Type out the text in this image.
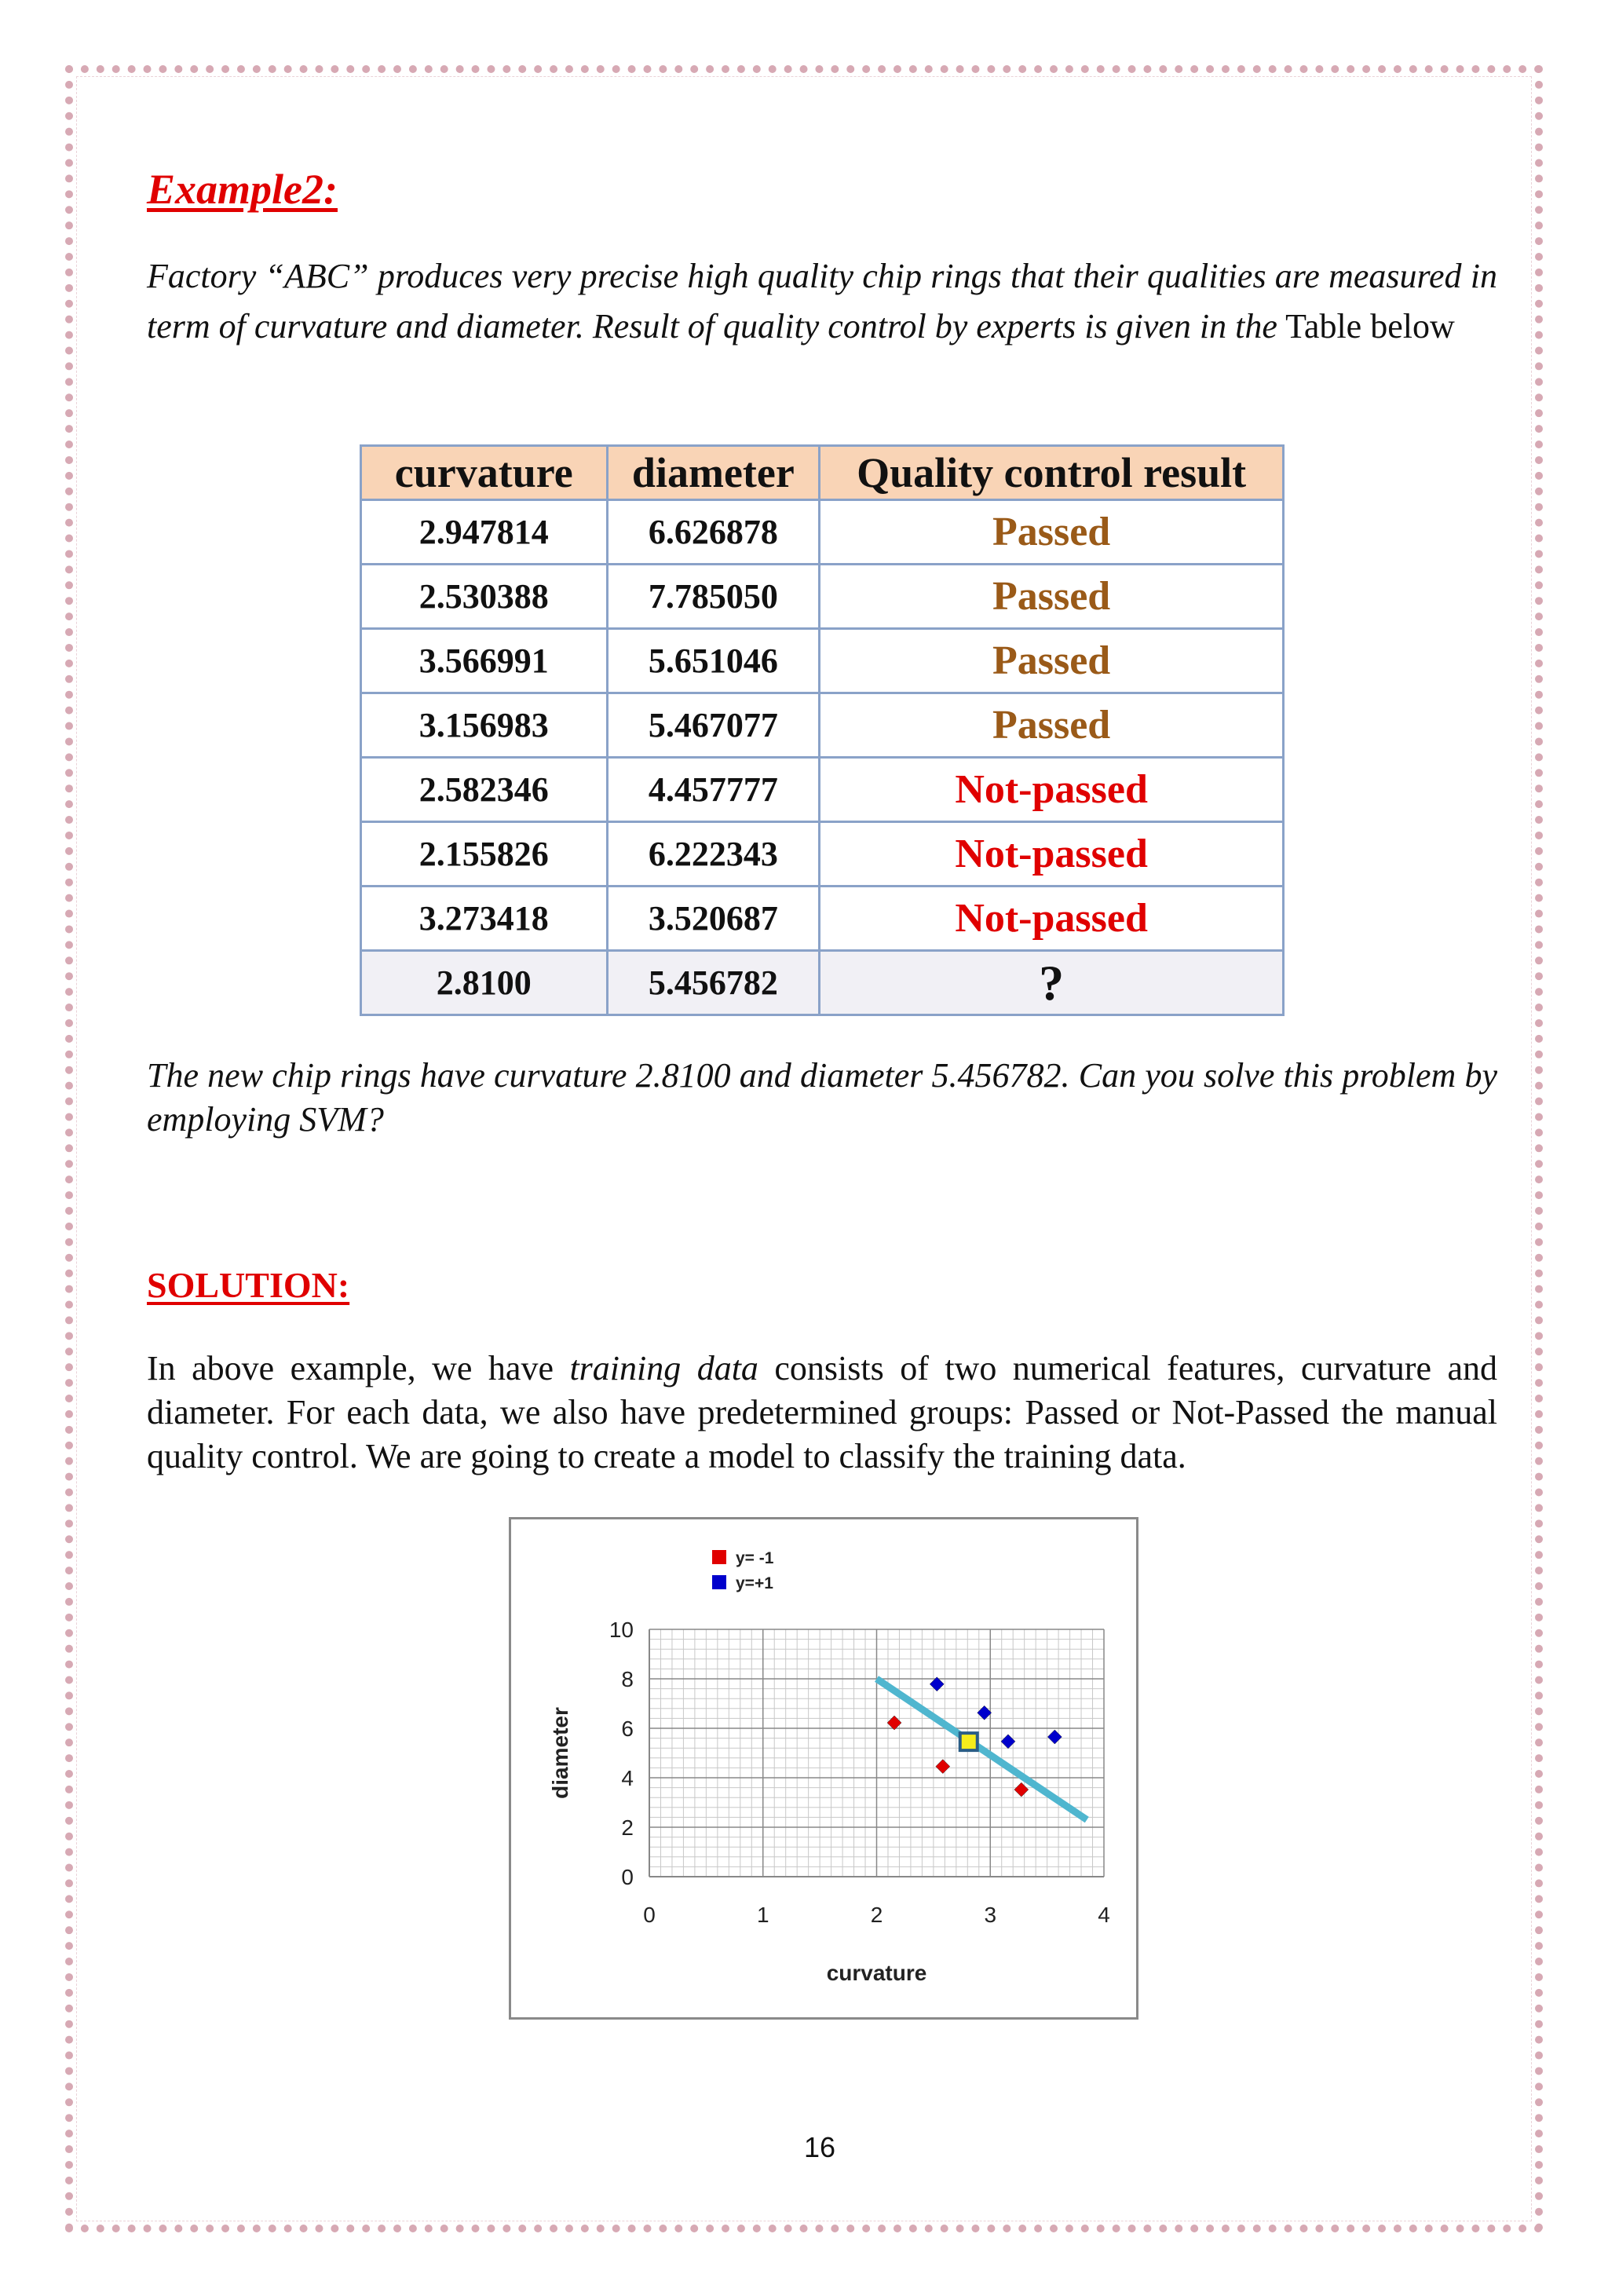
Example2:
Factory “ABC” produces very precise high quality chip rings that their qualities are measured in term of curvature and diameter. Result of quality control by experts is given in the Table below
curvature	diameter	Quality control result
2.947814	6.626878	Passed
2.530388	7.785050	Passed
3.566991	5.651046	Passed
3.156983	5.467077	Passed
2.582346	4.457777	Not-passed
2.155826	6.222343	Not-passed
3.273418	3.520687	Not-passed
2.8100	5.456782	?
The new chip rings have curvature 2.8100 and diameter 5.456782. Can you solve this problem by employing SVM?
SOLUTION:
In above example, we have training data consists of two numerical features, curvature and diameter. For each data, we also have predetermined groups: Passed or Not-Passed the manual quality control. We are going to create a model to classify the training data.
0	1	2	3	4
0
2
4
6
8
10
curvature
diameter
y= -1
y=+1
16
